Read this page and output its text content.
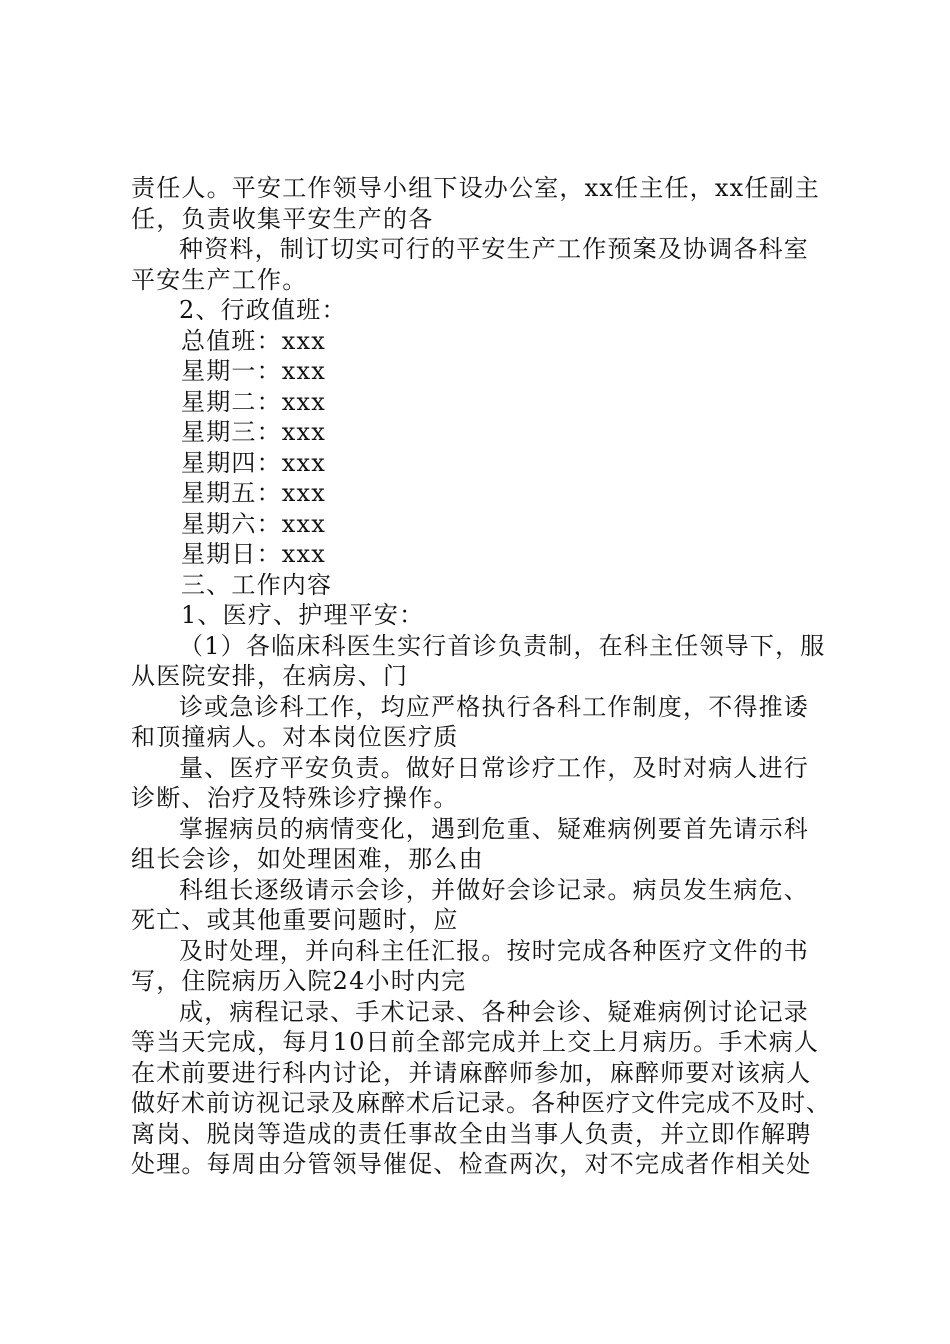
责任人。平安工作领导小组下设办公室，xx任主任，xx任副主
任，负责收集平安生产的各
种资料，制订切实可行的平安生产工作预案及协调各科室
平安生产工作。
2、行政值班：
总值班：xxx
星期一：xxx
星期二：xxx
星期三：xxx
星期四：xxx
星期五：xxx
星期六：xxx
星期日：xxx
三、工作内容
1、医疗、护理平安：
（1）各临床科医生实行首诊负责制，在科主任领导下，服
从医院安排，在病房、门
诊或急诊科工作，均应严格执行各科工作制度，不得推诿
和顶撞病人。对本岗位医疗质
量、医疗平安负责。做好日常诊疗工作，及时对病人进行
诊断、治疗及特殊诊疗操作。
掌握病员的病情变化，遇到危重、疑难病例要首先请示科
组长会诊，如处理困难，那么由
科组长逐级请示会诊，并做好会诊记录。病员发生病危、
死亡、或其他重要问题时，应
及时处理，并向科主任汇报。按时完成各种医疗文件的书
写，住院病历入院24小时内完
成，病程记录、手术记录、各种会诊、疑难病例讨论记录
等当天完成，每月10日前全部完成并上交上月病历。手术病人
在术前要进行科内讨论，并请麻醉师参加，麻醉师要对该病人
做好术前访视记录及麻醉术后记录。各种医疗文件完成不及时、
离岗、脱岗等造成的责任事故全由当事人负责，并立即作解聘
处理。每周由分管领导催促、检查两次，对不完成者作相关处
